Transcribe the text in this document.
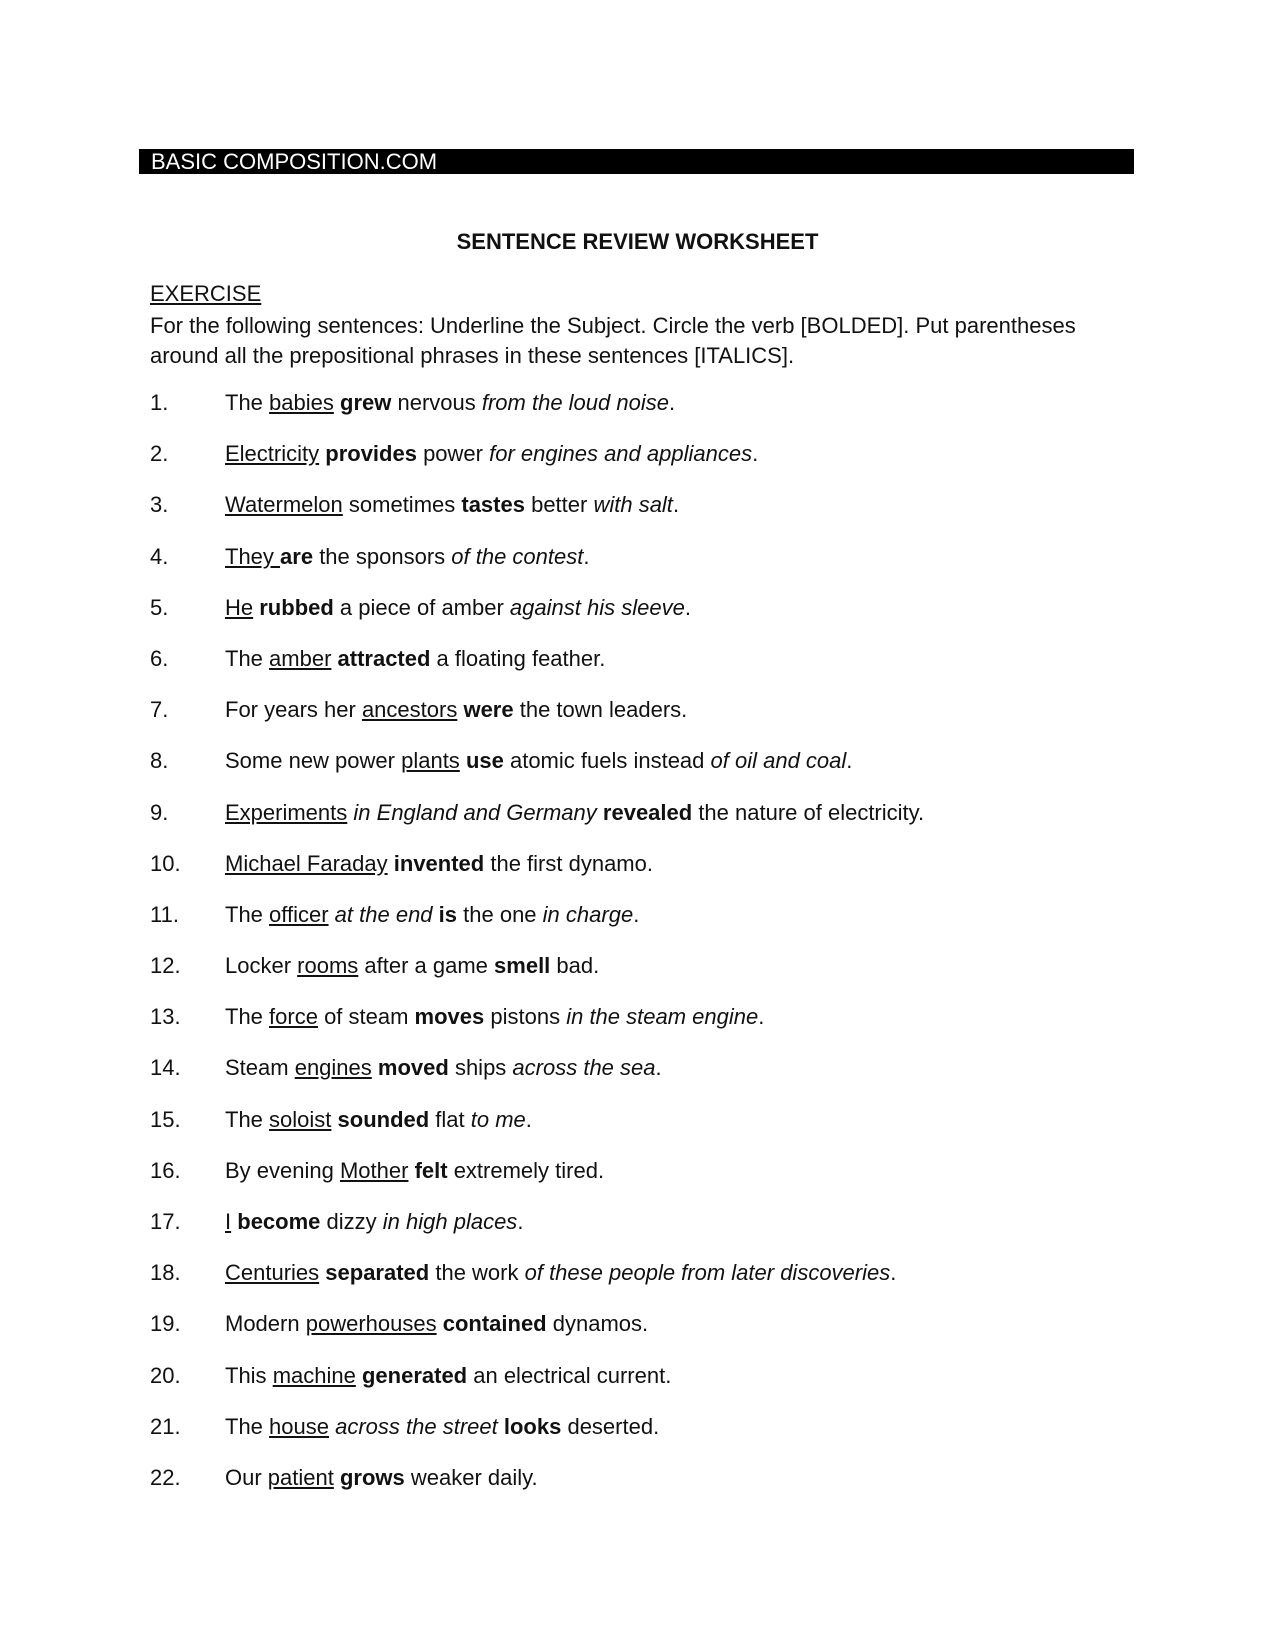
BASIC COMPOSITION.COM
SENTENCE REVIEW WORKSHEET
EXERCISE
For the following sentences: Underline the Subject. Circle the verb [BOLDED]. Put parentheses around all the prepositional phrases in these sentences [ITALICS].
1.	The babies grew nervous from the loud noise.
2.	Electricity provides power for engines and appliances.
3.	Watermelon sometimes tastes better with salt.
4.	They are the sponsors of the contest.
5.	He rubbed a piece of amber against his sleeve.
6.	The amber attracted a floating feather.
7.	For years her ancestors were the town leaders.
8.	Some new power plants use atomic fuels instead of oil and coal.
9.	Experiments in England and Germany revealed the nature of electricity.
10. Michael Faraday invented the first dynamo.
11. The officer at the end is the one in charge.
12. Locker rooms after a game smell bad.
13. The force of steam moves pistons in the steam engine.
14. Steam engines moved ships across the sea.
15. The soloist sounded flat to me.
16. By evening Mother felt extremely tired.
17. I become dizzy in high places.
18. Centuries separated the work of these people from later discoveries.
19. Modern powerhouses contained dynamos.
20. This machine generated an electrical current.
21. The house across the street looks deserted.
22. Our patient grows weaker daily.
